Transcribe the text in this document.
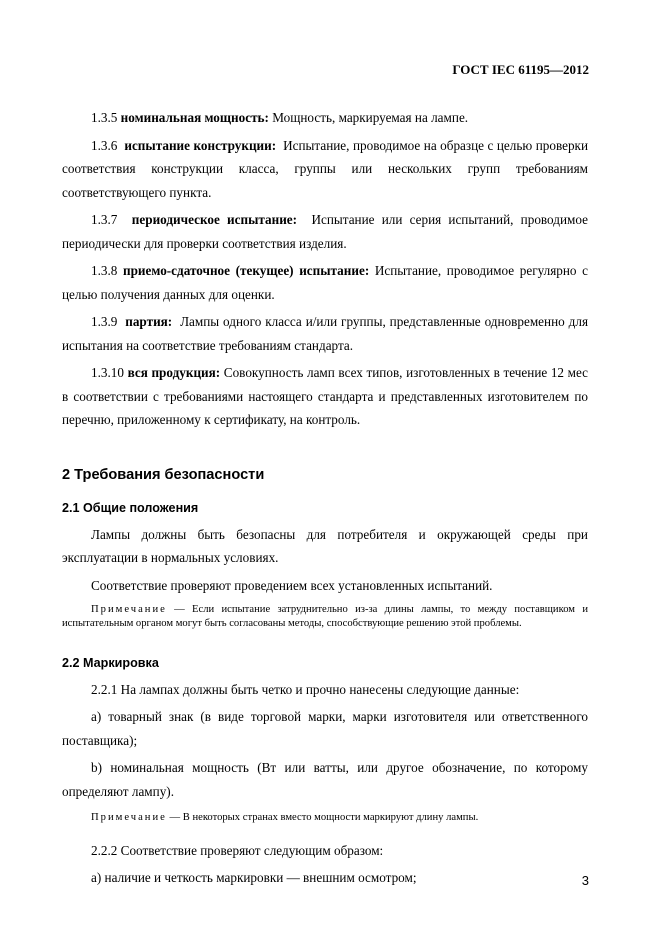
ГОСТ IEC 61195—2012

1.3.5 номинальная мощность: Мощность, маркируемая на лампе.

1.3.6 испытание конструкции: Испытание, проводимое на образце с целью проверки соответствия конструкции класса, группы или нескольких групп требованиям соответствующего пункта.

1.3.7 периодическое испытание: Испытание или серия испытаний, проводимое периодически для проверки соответствия изделия.

1.3.8 приемо-сдаточное (текущее) испытание: Испытание, проводимое регулярно с целью получения данных для оценки.

1.3.9 партия: Лампы одного класса и/или группы, представленные одновременно для испытания на соответствие требованиям стандарта.

1.3.10 вся продукция: Совокупность ламп всех типов, изготовленных в течение 12 мес в соответствии с требованиями настоящего стандарта и представленных изготовителем по перечню, приложенному к сертификату, на контроль.

2 Требования безопасности
2.1 Общие положения

Лампы должны быть безопасны для потребителя и окружающей среды при эксплуатации в нормальных условиях.

Соответствие проверяют проведением всех установленных испытаний.

Примечание — Если испытание затруднительно из-за длины лампы, то между поставщиком и испытательным органом могут быть согласованы методы, способствующие решению этой проблемы.
2.2 Маркировка

2.2.1 На лампах должны быть четко и прочно нанесены следующие данные:

а) товарный знак (в виде торговой марки, марки изготовителя или ответственного поставщика);

b) номинальная мощность (Вт или ватты, или другое обозначение, по которому определяют лампу).

Примечание — В некоторых странах вместо мощности маркируют длину лампы.

2.2.2 Соответствие проверяют следующим образом:

а) наличие и четкость маркировки — внешним осмотром;	3
